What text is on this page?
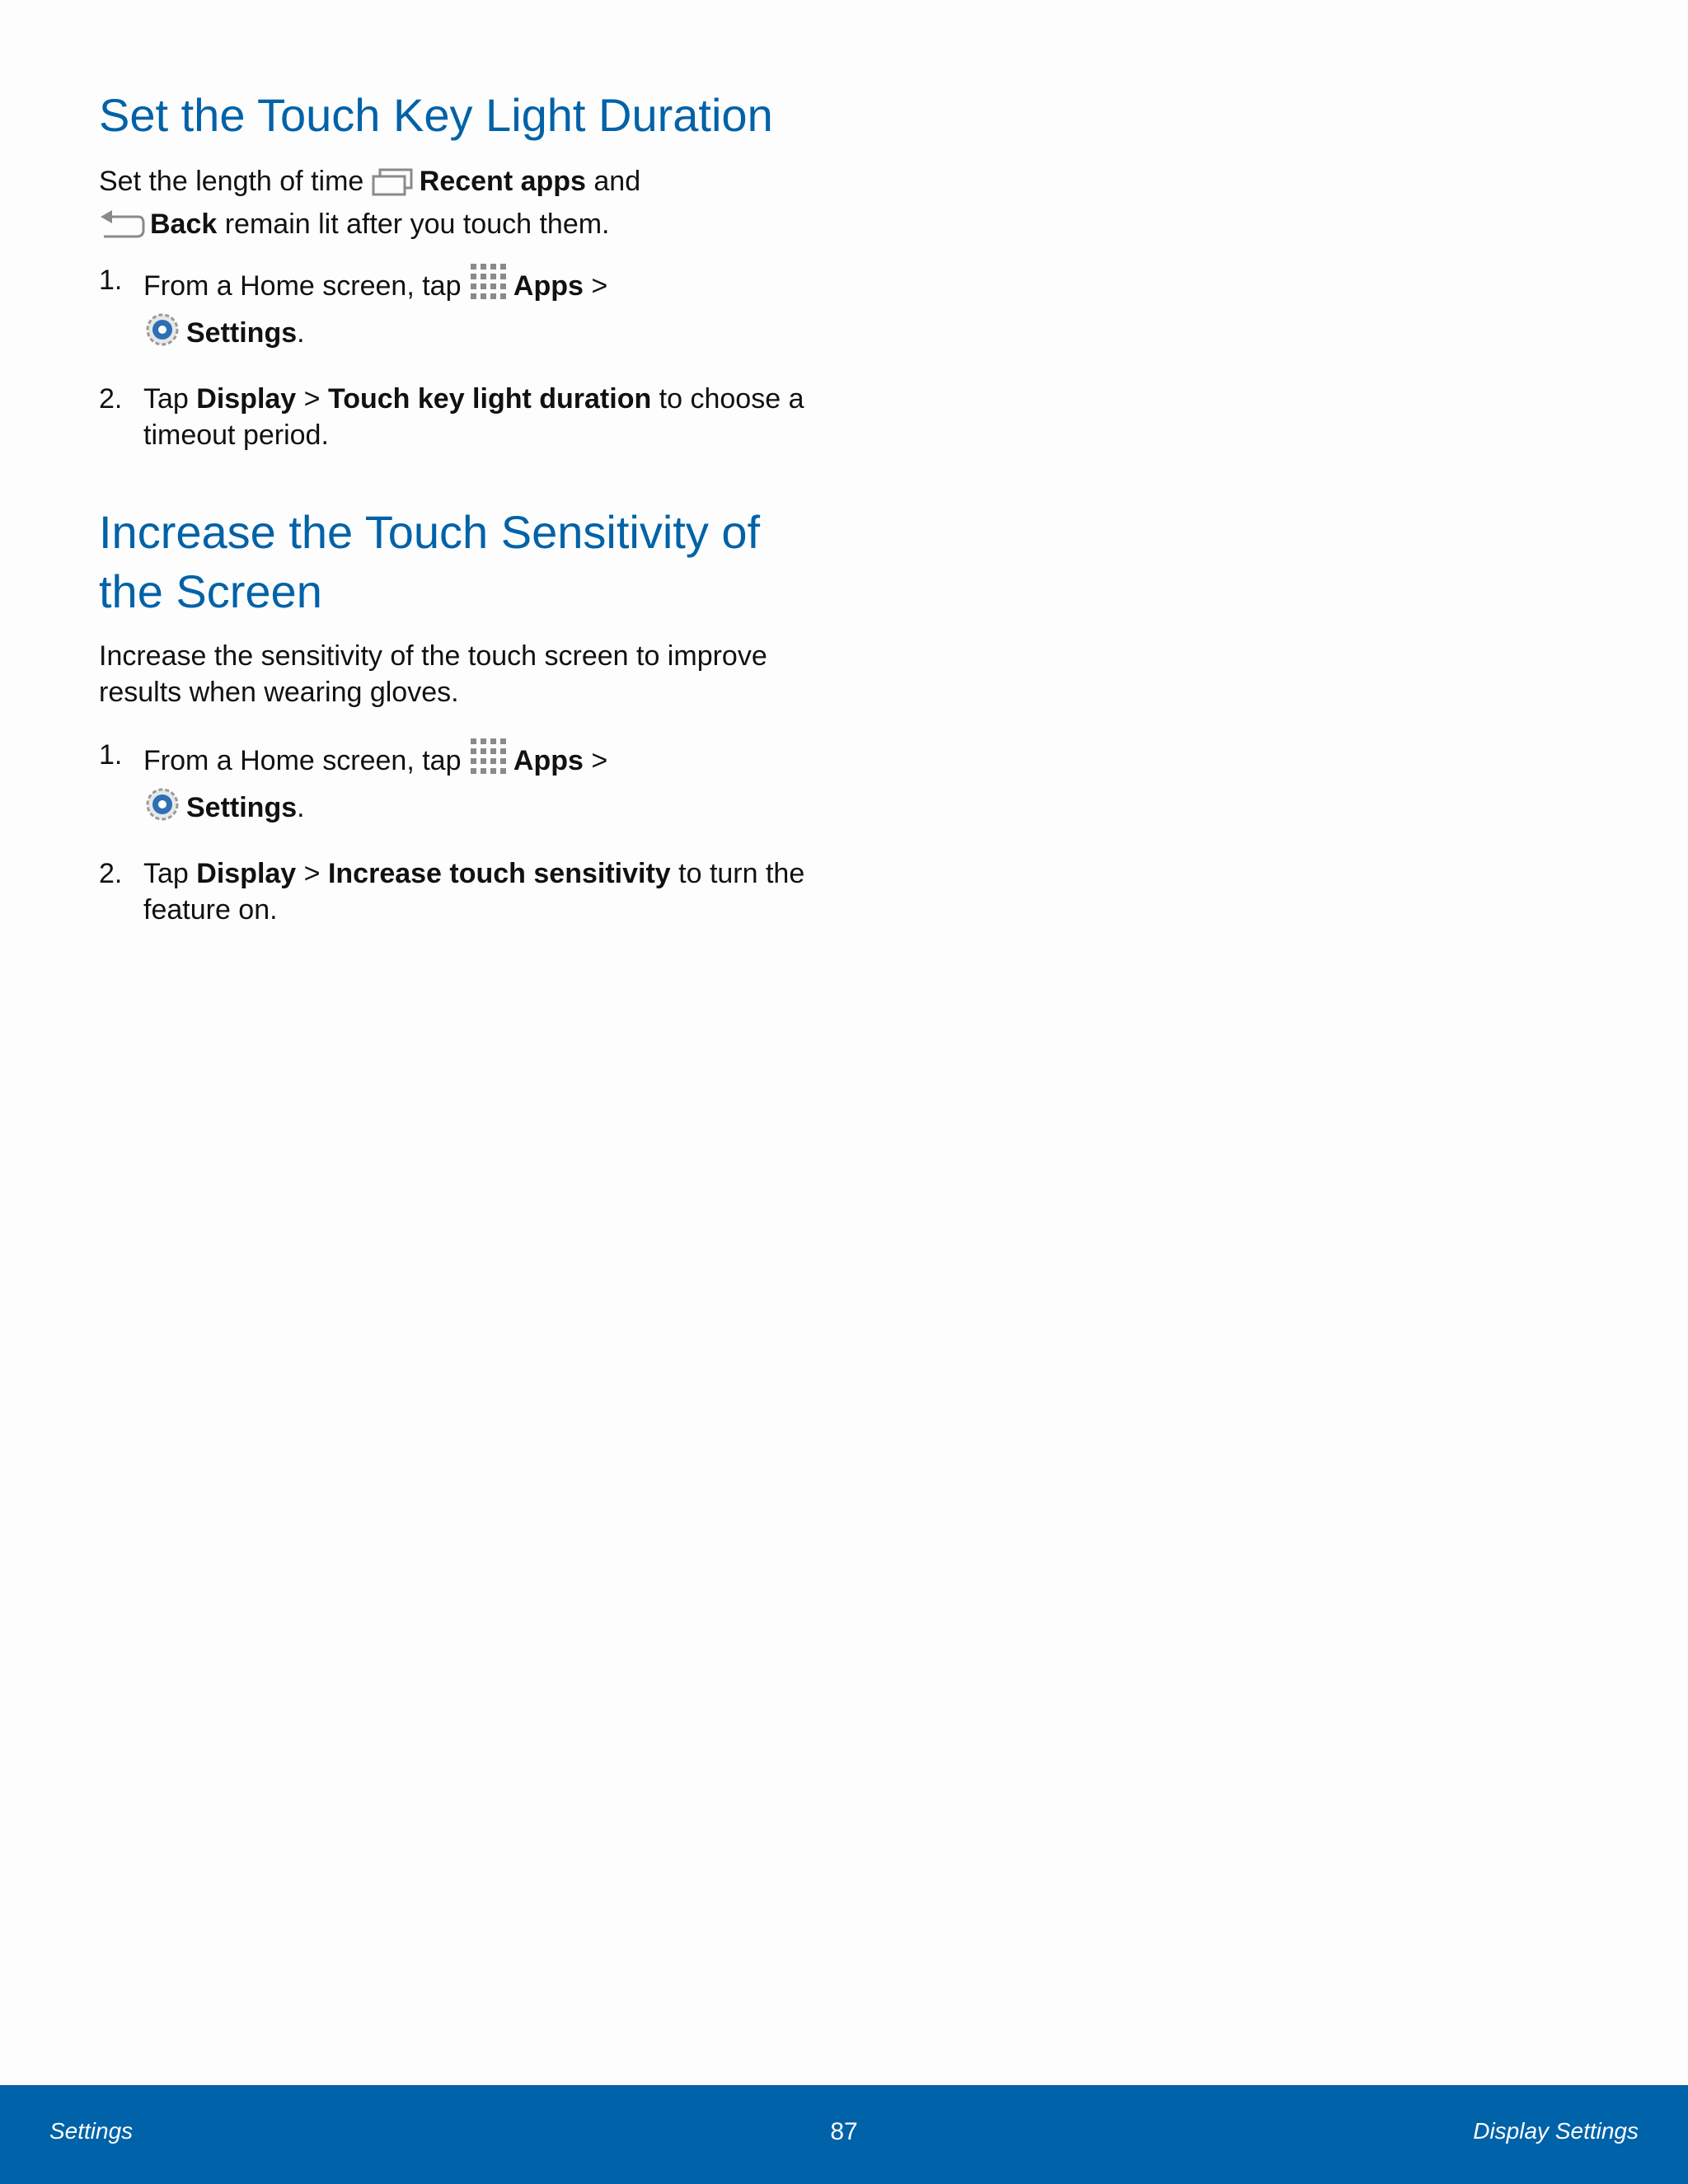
Set the Touch Key Light Duration

Set the length of time Recent apps and
Back remain lit after you touch them.

1. From a Home screen, tap Apps >
Settings.
2. Tap Display > Touch key light duration to choose a timeout period.
Increase the Touch Sensitivity of the Screen

Increase the sensitivity of the touch screen to improve results when wearing gloves.

1. From a Home screen, tap Apps >
Settings.
2. Tap Display > Increase touch sensitivity to turn the feature on.
Settings	87	Display Settings
